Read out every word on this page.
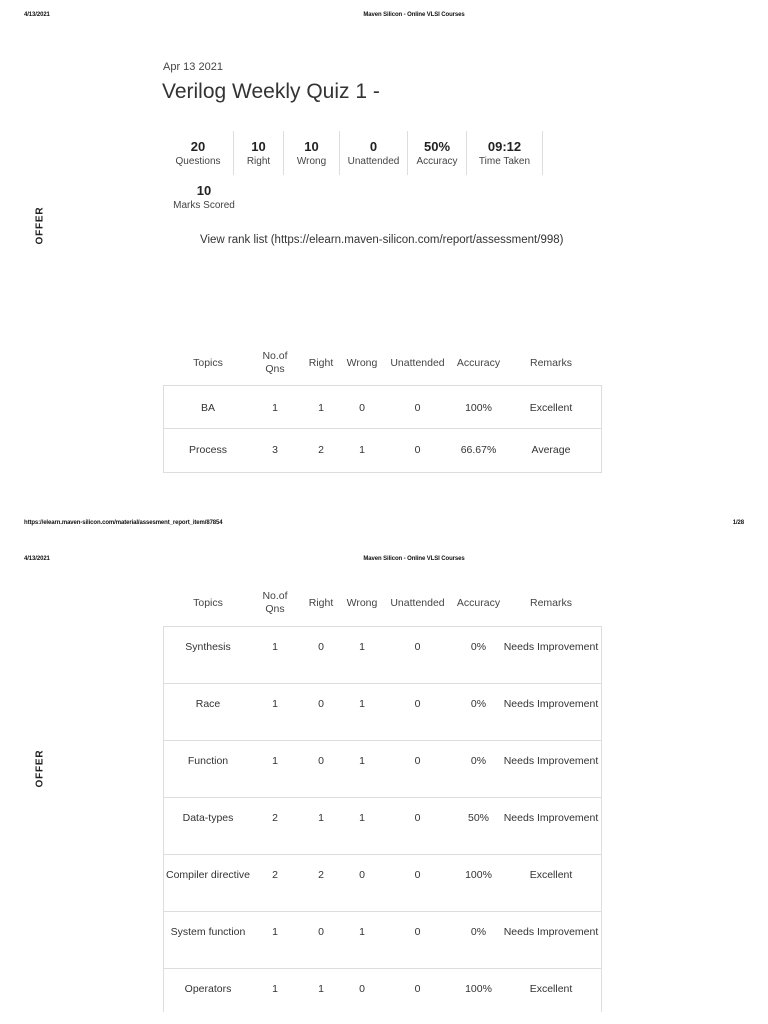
4/13/2021	Maven Silicon - Online VLSI Courses
Apr 13 2021
Verilog Weekly Quiz 1 -
20
Questions
10
Right
10
Wrong
0
Unattended
50%
Accuracy
09:12
Time Taken
10
Marks Scored
OFFER	View rank list (https://elearn.maven-silicon.com/report/assessment/998)
Topics
No.of
Qns
Right	Wrong	Unattended	Accuracy	Remarks
BA	1	1	0	0	100%	Excellent
Process	3	2	1	0	66.67%	Average
https://elearn.maven-silicon.com/material/assesment_report_item/87854	1/28
4/13/2021	Maven Silicon - Online VLSI Courses
Topics
No.of
Qns
Right	Wrong	Unattended	Accuracy	Remarks
OFFER
Synthesis	1	0	1	0	0%	Needs Improvement
Race	1	0	1	0	0%	Needs Improvement
Function	1	0	1	0	0%	Needs Improvement
Data-types	2	1	1	0	50%	Needs Improvement
Compiler directive	2	2	0	0	100%	Excellent
System function	1	0	1	0	0%	Needs Improvement
Operators	1	1	0	0	100%	Excellent
